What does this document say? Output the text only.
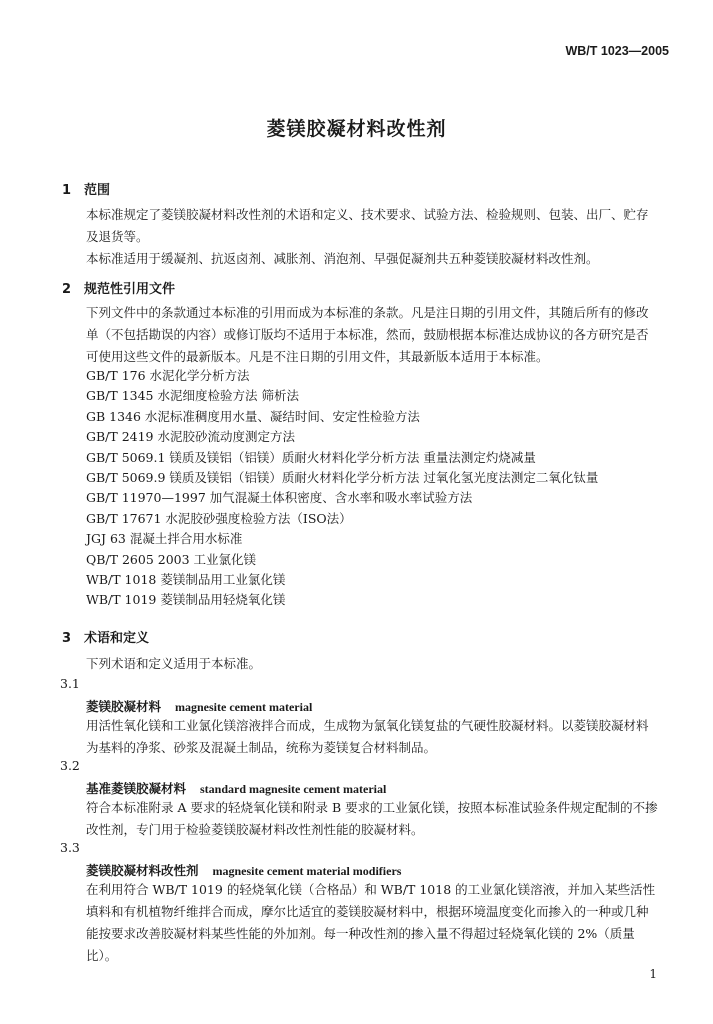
WB/T 1023—2005
菱镁胶凝材料改性剂
1 范围

本标准规定了菱镁胶凝材料改性剂的术语和定义、技术要求、试验方法、检验规则、包装、出厂、贮存及退货等。

本标准适用于缓凝剂、抗返卤剂、减胀剂、消泡剂、早强促凝剂共五种菱镁胶凝材料改性剂。

2 规范性引用文件

下列文件中的条款通过本标准的引用而成为本标准的条款。凡是注日期的引用文件，其随后所有的修改单（不包括勘误的内容）或修订版均不适用于本标准，然而，鼓励根据本标准达成协议的各方研究是否可使用这些文件的最新版本。凡是不注日期的引用文件，其最新版本适用于本标准。

GB/T 176 水泥化学分析方法
GB/T 1345 水泥细度检验方法 筛析法
GB 1346 水泥标准稠度用水量、凝结时间、安定性检验方法
GB/T 2419 水泥胶砂流动度测定方法
GB/T 5069.1 镁质及镁铝（铝镁）质耐火材料化学分析方法 重量法测定灼烧减量
GB/T 5069.9 镁质及镁铝（铝镁）质耐火材料化学分析方法 过氧化氢光度法测定二氧化钛量
GB/T 11970—1997 加气混凝土体积密度、含水率和吸水率试验方法
GB/T 17671 水泥胶砂强度检验方法（ISO法）
JGJ 63 混凝土拌合用水标准
QB/T 2605 2003 工业氯化镁
WB/T 1018 菱镁制品用工业氯化镁
WB/T 1019 菱镁制品用轻烧氧化镁
3 术语和定义

下列术语和定义适用于本标准。

3.1
菱镁胶凝材料 magnesite cement material

用活性氧化镁和工业氯化镁溶液拌合而成，生成物为氯氧化镁复盐的气硬性胶凝材料。以菱镁胶凝材料为基料的净浆、砂浆及混凝土制品，统称为菱镁复合材料制品。

3.2
基准菱镁胶凝材料 standard magnesite cement material

符合本标准附录 A 要求的轻烧氧化镁和附录 B 要求的工业氯化镁，按照本标准试验条件规定配制的不掺改性剂，专门用于检验菱镁胶凝材料改性剂性能的胶凝材料。

3.3
菱镁胶凝材料改性剂 magnesite cement material modifiers

在利用符合 WB/T 1019 的轻烧氧化镁（合格品）和 WB/T 1018 的工业氯化镁溶液，并加入某些活性填料和有机植物纤维拌合而成，摩尔比适宜的菱镁胶凝材料中，根据环境温度变化而掺入的一种或几种能按要求改善胶凝材料某些性能的外加剂。每一种改性剂的掺入量不得超过轻烧氧化镁的 2%（质量比）。

1
